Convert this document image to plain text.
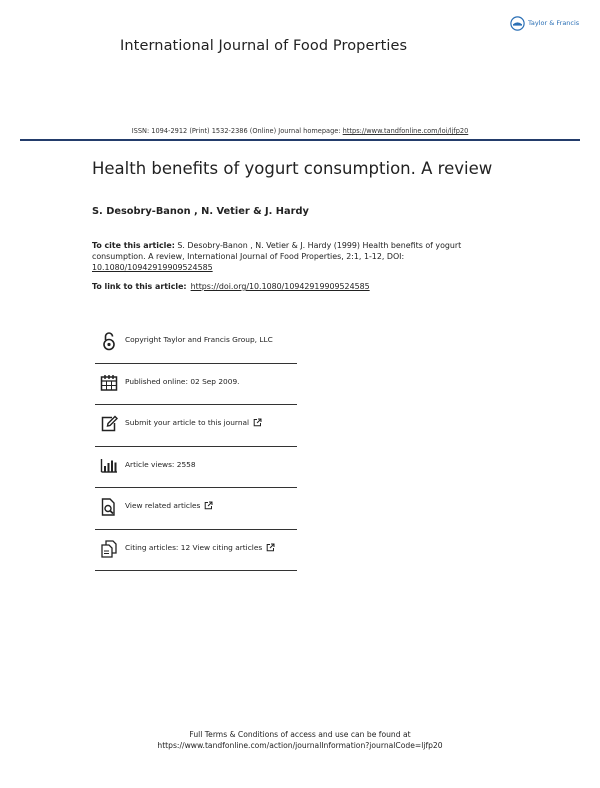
Taylor & Francis
International Journal of Food Properties
ISSN: 1094-2912 (Print) 1532-2386 (Online) Journal homepage: https://www.tandfonline.com/loi/ljfp20
Health benefits of yogurt consumption. A review
S. Desobry-Banon , N. Vetier & J. Hardy
To cite this article: S. Desobry-Banon , N. Vetier & J. Hardy (1999) Health benefits of yogurt consumption. A review, International Journal of Food Properties, 2:1, 1-12, DOI: 10.1080/10942919909524585
To link to this article: https://doi.org/10.1080/10942919909524585
Copyright Taylor and Francis Group, LLC
Published online: 02 Sep 2009.
Submit your article to this journal
Article views: 2558
View related articles
Citing articles: 12 View citing articles
Full Terms & Conditions of access and use can be found at
https://www.tandfonline.com/action/journalInformation?journalCode=ljfp20
